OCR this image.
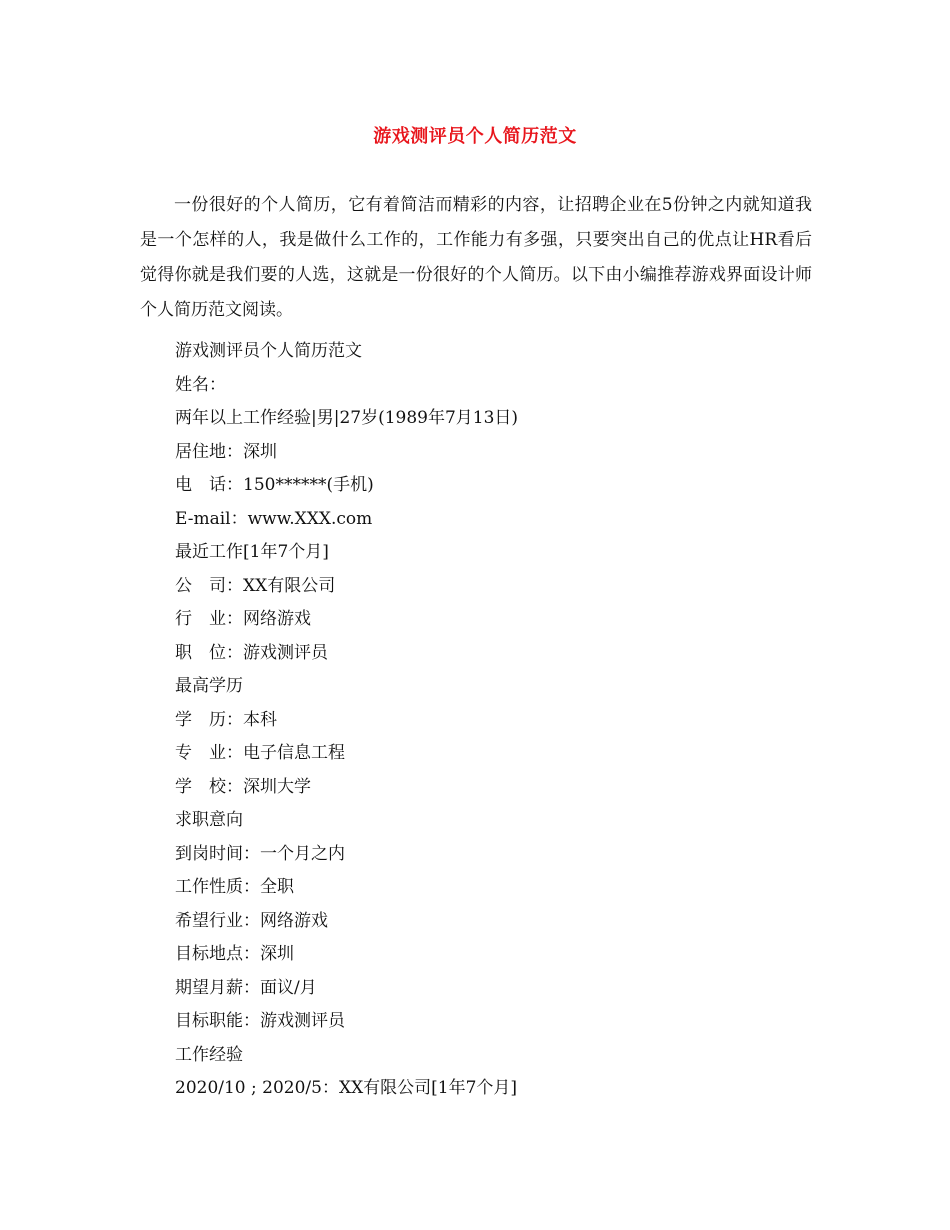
游戏测评员个人简历范文

一份很好的个人简历，它有着简洁而精彩的内容，让招聘企业在5份钟之内就知道我是一个怎样的人，我是做什么工作的，工作能力有多强，只要突出自己的优点让HR看后觉得你就是我们要的人选，这就是一份很好的个人简历。以下由小编推荐游戏界面设计师个人简历范文阅读。

游戏测评员个人简历范文
姓名：
两年以上工作经验|男|27岁(1989年7月13日)
居住地：深圳
电　话：150******(手机)
E-mail：www.XXX.com
最近工作[1年7个月]
公　司：XX有限公司
行　业：网络游戏
职　位：游戏测评员
最高学历
学　历：本科
专　业：电子信息工程
学　校：深圳大学
求职意向
到岗时间：一个月之内
工作性质：全职
希望行业：网络游戏
目标地点：深圳
期望月薪：面议/月
目标职能：游戏测评员
工作经验
2020/10 ; 2020/5：XX有限公司[1年7个月]
